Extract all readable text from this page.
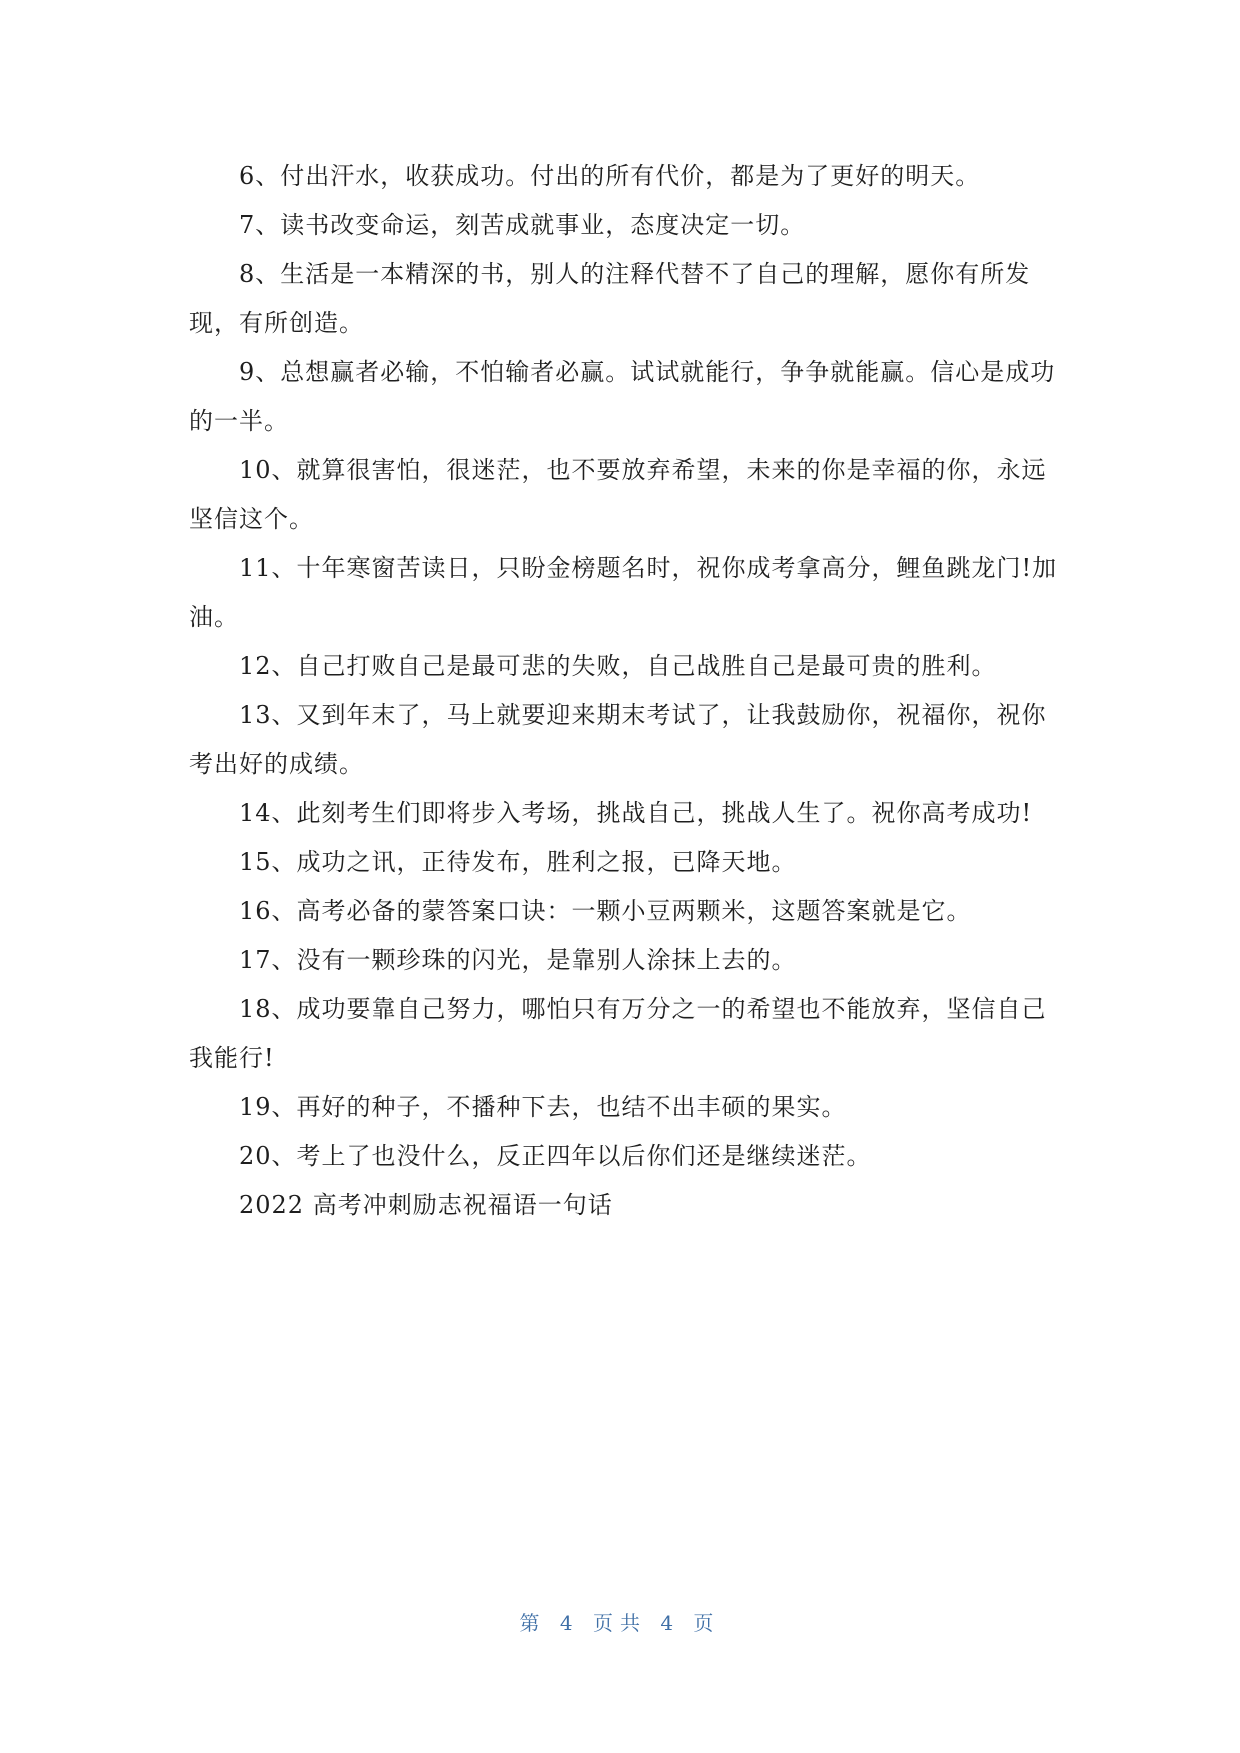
6、付出汗水，收获成功。付出的所有代价，都是为了更好的明天。
7、读书改变命运，刻苦成就事业，态度决定一切。
8、生活是一本精深的书，别人的注释代替不了自己的理解，愿你有所发
现，有所创造。
9、总想赢者必输，不怕输者必赢。试试就能行，争争就能赢。信心是成功
的一半。
10、就算很害怕，很迷茫，也不要放弃希望，未来的你是幸福的你，永远
坚信这个。
11、十年寒窗苦读日，只盼金榜题名时，祝你成考拿高分，鲤鱼跳龙门!加
油。
12、自己打败自己是最可悲的失败，自己战胜自己是最可贵的胜利。
13、又到年末了，马上就要迎来期末考试了，让我鼓励你，祝福你，祝你
考出好的成绩。
14、此刻考生们即将步入考场，挑战自己，挑战人生了。祝你高考成功!
15、成功之讯，正待发布，胜利之报，已降天地。
16、高考必备的蒙答案口诀：一颗小豆两颗米，这题答案就是它。
17、没有一颗珍珠的闪光，是靠别人涂抹上去的。
18、成功要靠自己努力，哪怕只有万分之一的希望也不能放弃，坚信自己
我能行!
19、再好的种子，不播种下去，也结不出丰硕的果实。
20、考上了也没什么，反正四年以后你们还是继续迷茫。
2022 高考冲刺励志祝福语一句话
第 4 页共 4 页
